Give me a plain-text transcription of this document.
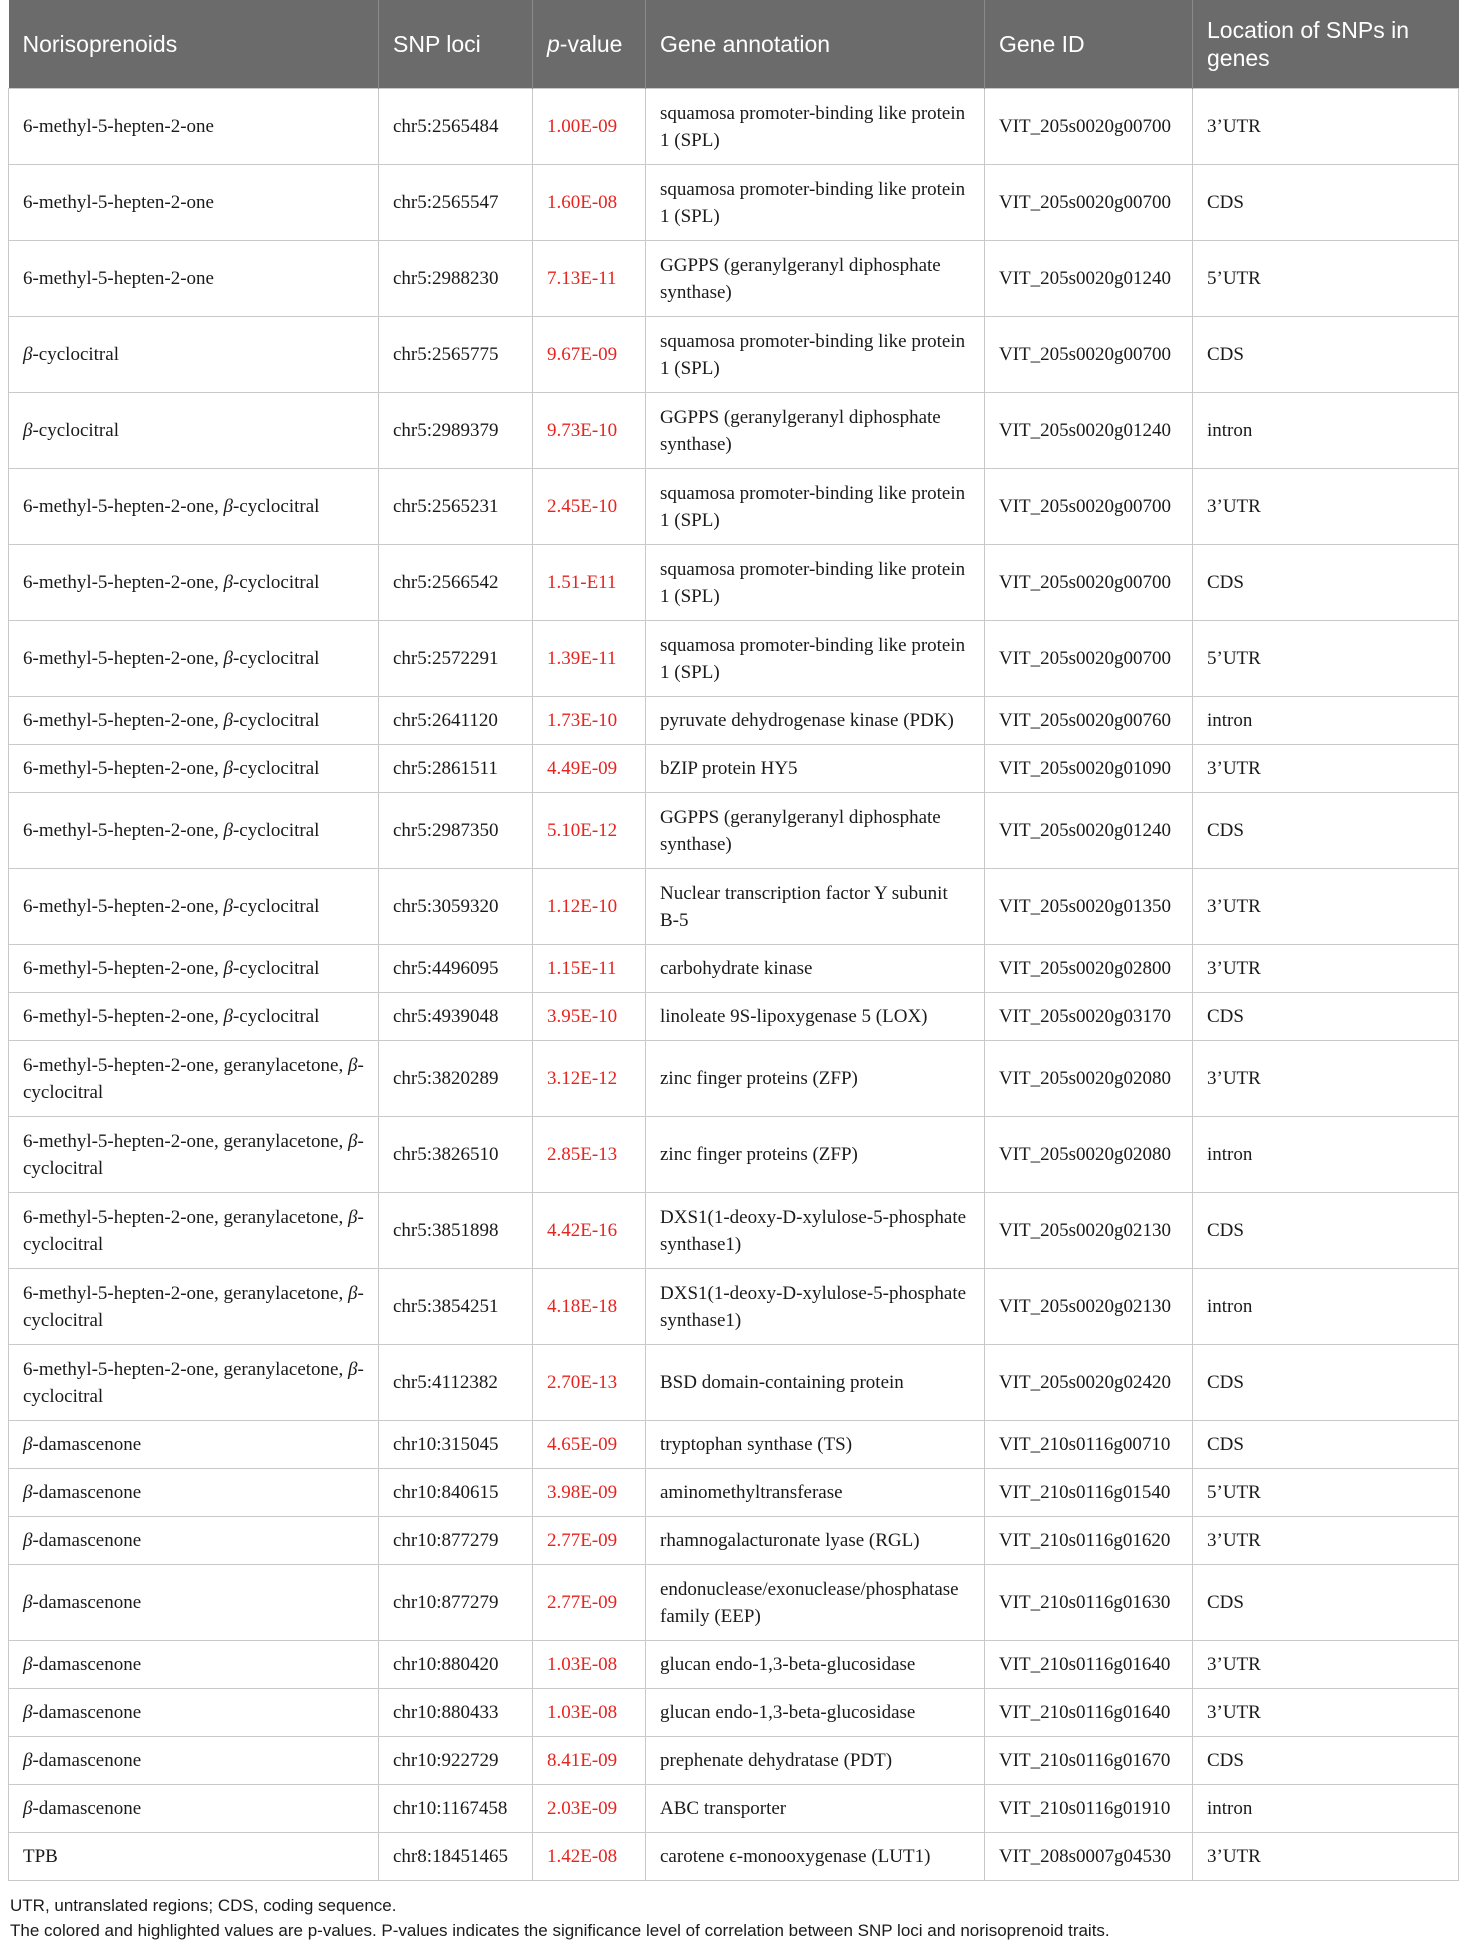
Norisoprenoids	SNP loci	p-value	Gene annotation	Gene ID	Location of SNPs in genes
6-methyl-5-hepten-2-one	chr5:2565484	1.00E-09	squamosa promoter-binding like protein 1 (SPL)	VIT_205s0020g00700	3’UTR
6-methyl-5-hepten-2-one	chr5:2565547	1.60E-08	squamosa promoter-binding like protein 1 (SPL)	VIT_205s0020g00700	CDS
6-methyl-5-hepten-2-one	chr5:2988230	7.13E-11	GGPPS (geranylgeranyl diphosphate synthase)	VIT_205s0020g01240	5’UTR
β-cyclocitral	chr5:2565775	9.67E-09	squamosa promoter-binding like protein 1 (SPL)	VIT_205s0020g00700	CDS
β-cyclocitral	chr5:2989379	9.73E-10	GGPPS (geranylgeranyl diphosphate synthase)	VIT_205s0020g01240	intron
6-methyl-5-hepten-2-one, β-cyclocitral	chr5:2565231	2.45E-10	squamosa promoter-binding like protein 1 (SPL)	VIT_205s0020g00700	3’UTR
6-methyl-5-hepten-2-one, β-cyclocitral	chr5:2566542	1.51-E11	squamosa promoter-binding like protein 1 (SPL)	VIT_205s0020g00700	CDS
6-methyl-5-hepten-2-one, β-cyclocitral	chr5:2572291	1.39E-11	squamosa promoter-binding like protein 1 (SPL)	VIT_205s0020g00700	5’UTR
6-methyl-5-hepten-2-one, β-cyclocitral	chr5:2641120	1.73E-10	pyruvate dehydrogenase kinase (PDK)	VIT_205s0020g00760	intron
6-methyl-5-hepten-2-one, β-cyclocitral	chr5:2861511	4.49E-09	bZIP protein HY5	VIT_205s0020g01090	3’UTR
6-methyl-5-hepten-2-one, β-cyclocitral	chr5:2987350	5.10E-12	GGPPS (geranylgeranyl diphosphate synthase)	VIT_205s0020g01240	CDS
6-methyl-5-hepten-2-one, β-cyclocitral	chr5:3059320	1.12E-10	Nuclear transcription factor Y subunit B-5	VIT_205s0020g01350	3’UTR
6-methyl-5-hepten-2-one, β-cyclocitral	chr5:4496095	1.15E-11	carbohydrate kinase	VIT_205s0020g02800	3’UTR
6-methyl-5-hepten-2-one, β-cyclocitral	chr5:4939048	3.95E-10	linoleate 9S-lipoxygenase 5 (LOX)	VIT_205s0020g03170	CDS
6-methyl-5-hepten-2-one, geranylacetone, β-cyclocitral	chr5:3820289	3.12E-12	zinc finger proteins (ZFP)	VIT_205s0020g02080	3’UTR
6-methyl-5-hepten-2-one, geranylacetone, β-cyclocitral	chr5:3826510	2.85E-13	zinc finger proteins (ZFP)	VIT_205s0020g02080	intron
6-methyl-5-hepten-2-one, geranylacetone, β-cyclocitral	chr5:3851898	4.42E-16	DXS1(1-deoxy-D-xylulose-5-phosphate synthase1)	VIT_205s0020g02130	CDS
6-methyl-5-hepten-2-one, geranylacetone, β-cyclocitral	chr5:3854251	4.18E-18	DXS1(1-deoxy-D-xylulose-5-phosphate synthase1)	VIT_205s0020g02130	intron
6-methyl-5-hepten-2-one, geranylacetone, β-cyclocitral	chr5:4112382	2.70E-13	BSD domain-containing protein	VIT_205s0020g02420	CDS
β-damascenone	chr10:315045	4.65E-09	tryptophan synthase (TS)	VIT_210s0116g00710	CDS
β-damascenone	chr10:840615	3.98E-09	aminomethyltransferase	VIT_210s0116g01540	5’UTR
β-damascenone	chr10:877279	2.77E-09	rhamnogalacturonate lyase (RGL)	VIT_210s0116g01620	3’UTR
β-damascenone	chr10:877279	2.77E-09	endonuclease/exonuclease/phosphatase family (EEP)	VIT_210s0116g01630	CDS
β-damascenone	chr10:880420	1.03E-08	glucan endo-1,3-beta-glucosidase	VIT_210s0116g01640	3’UTR
β-damascenone	chr10:880433	1.03E-08	glucan endo-1,3-beta-glucosidase	VIT_210s0116g01640	3’UTR
β-damascenone	chr10:922729	8.41E-09	prephenate dehydratase (PDT)	VIT_210s0116g01670	CDS
β-damascenone	chr10:1167458	2.03E-09	ABC transporter	VIT_210s0116g01910	intron
TPB	chr8:18451465	1.42E-08	carotene ϵ-monooxygenase (LUT1)	VIT_208s0007g04530	3’UTR
UTR, untranslated regions; CDS, coding sequence.
The colored and highlighted values are p-values. P-values indicates the significance level of correlation between SNP loci and norisoprenoid traits.
